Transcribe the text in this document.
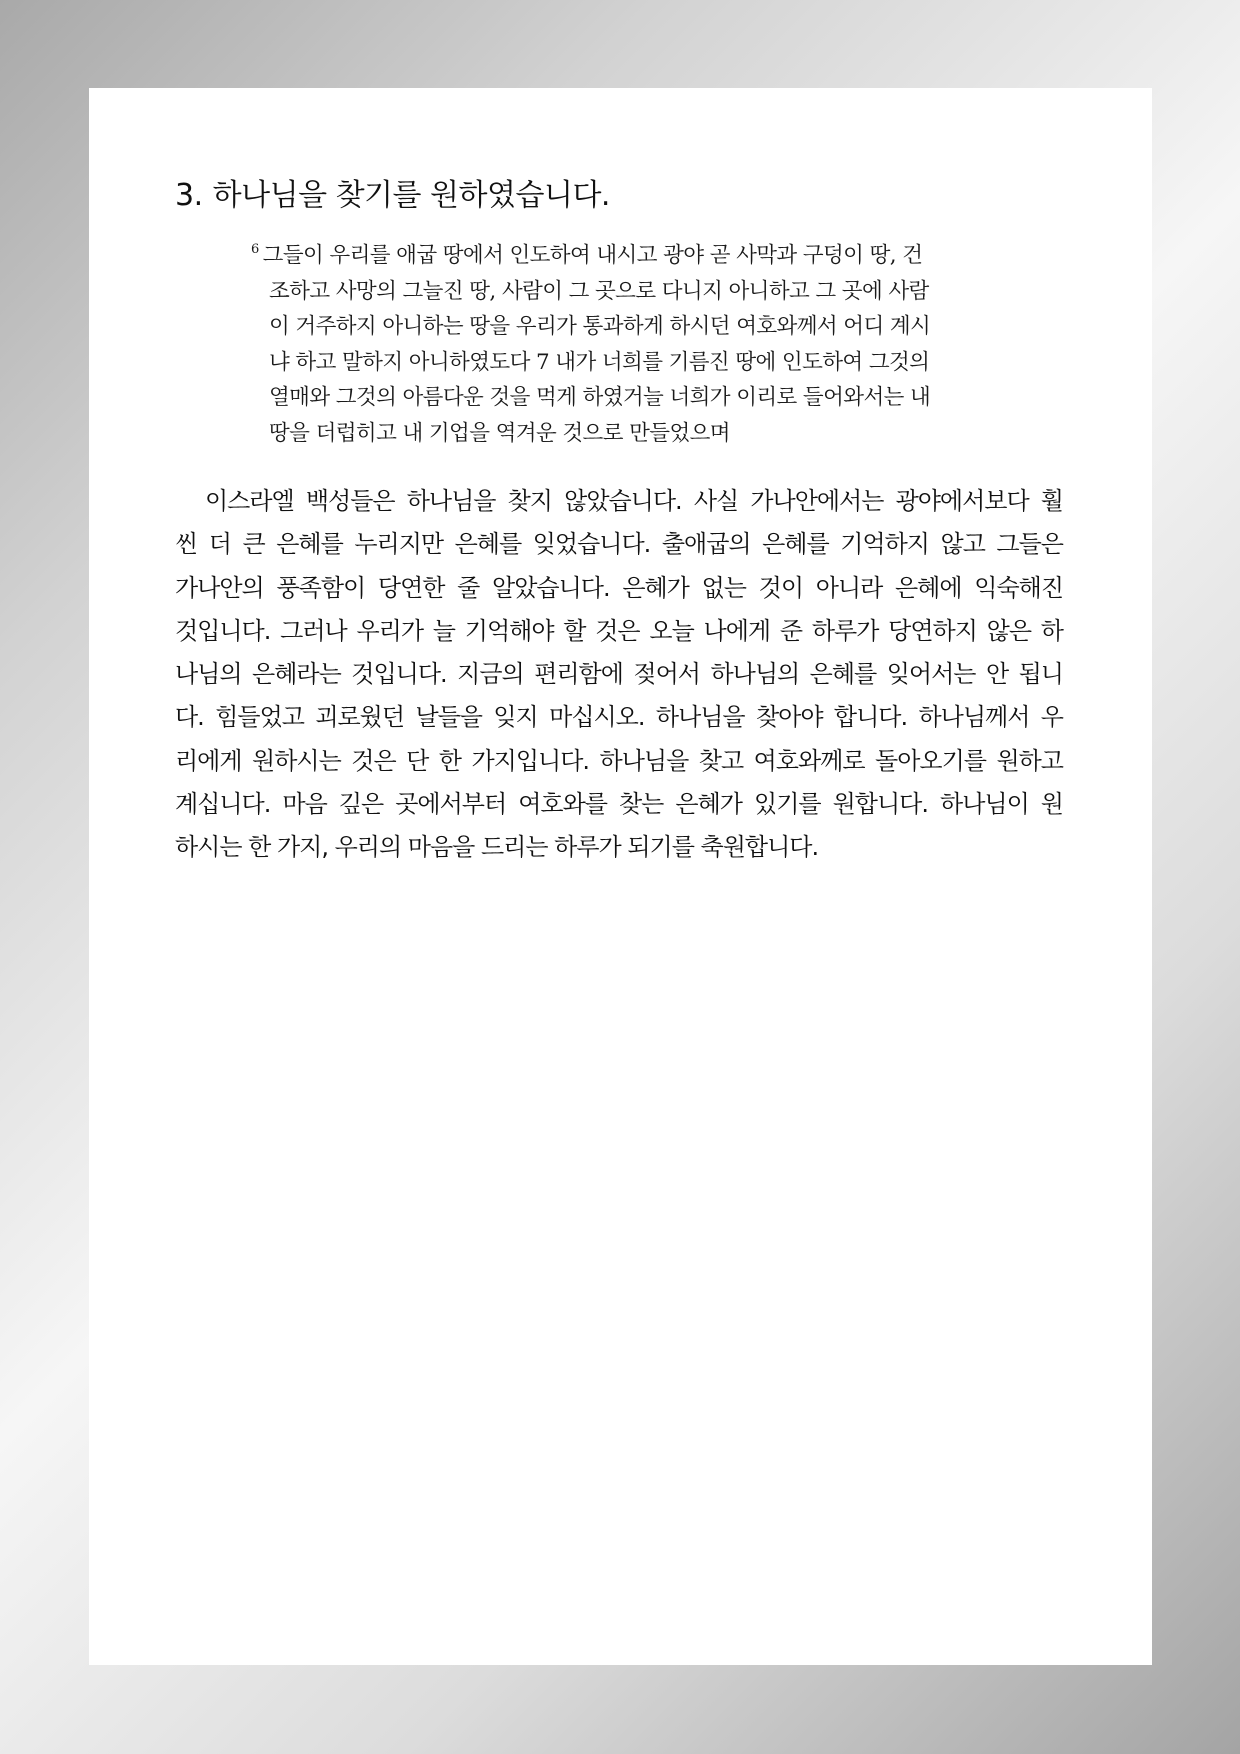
3. 하나님을 찾기를 원하였습니다.
$^6$ 그들이 우리를 애굽 땅에서 인도하여 내시고 광야 곧 사막과 구덩이 땅, 건
조하고 사망의 그늘진 땅, 사람이 그 곳으로 다니지 아니하고 그 곳에 사람
이 거주하지 아니하는 땅을 우리가 통과하게 하시던 여호와께서 어디 계시
냐 하고 말하지 아니하였도다 7 내가 너희를 기름진 땅에 인도하여 그것의
열매와 그것의 아름다운 것을 먹게 하였거늘 너희가 이리로 들어와서는 내
땅을 더럽히고 내 기업을 역겨운 것으로 만들었으며
이스라엘 백성들은 하나님을 찾지 않았습니다. 사실 가나안에서는 광야에서보다 훨
씬 더 큰 은혜를 누리지만 은혜를 잊었습니다. 출애굽의 은혜를 기억하지 않고 그들은
가나안의 풍족함이 당연한 줄 알았습니다. 은혜가 없는 것이 아니라 은혜에 익숙해진
것입니다. 그러나 우리가 늘 기억해야 할 것은 오늘 나에게 준 하루가 당연하지 않은 하
나님의 은혜라는 것입니다. 지금의 편리함에 젖어서 하나님의 은혜를 잊어서는 안 됩니
다. 힘들었고 괴로웠던 날들을 잊지 마십시오. 하나님을 찾아야 합니다. 하나님께서 우
리에게 원하시는 것은 단 한 가지입니다. 하나님을 찾고 여호와께로 돌아오기를 원하고
계십니다. 마음 깊은 곳에서부터 여호와를 찾는 은혜가 있기를 원합니다. 하나님이 원
하시는 한 가지, 우리의 마음을 드리는 하루가 되기를 축원합니다.
